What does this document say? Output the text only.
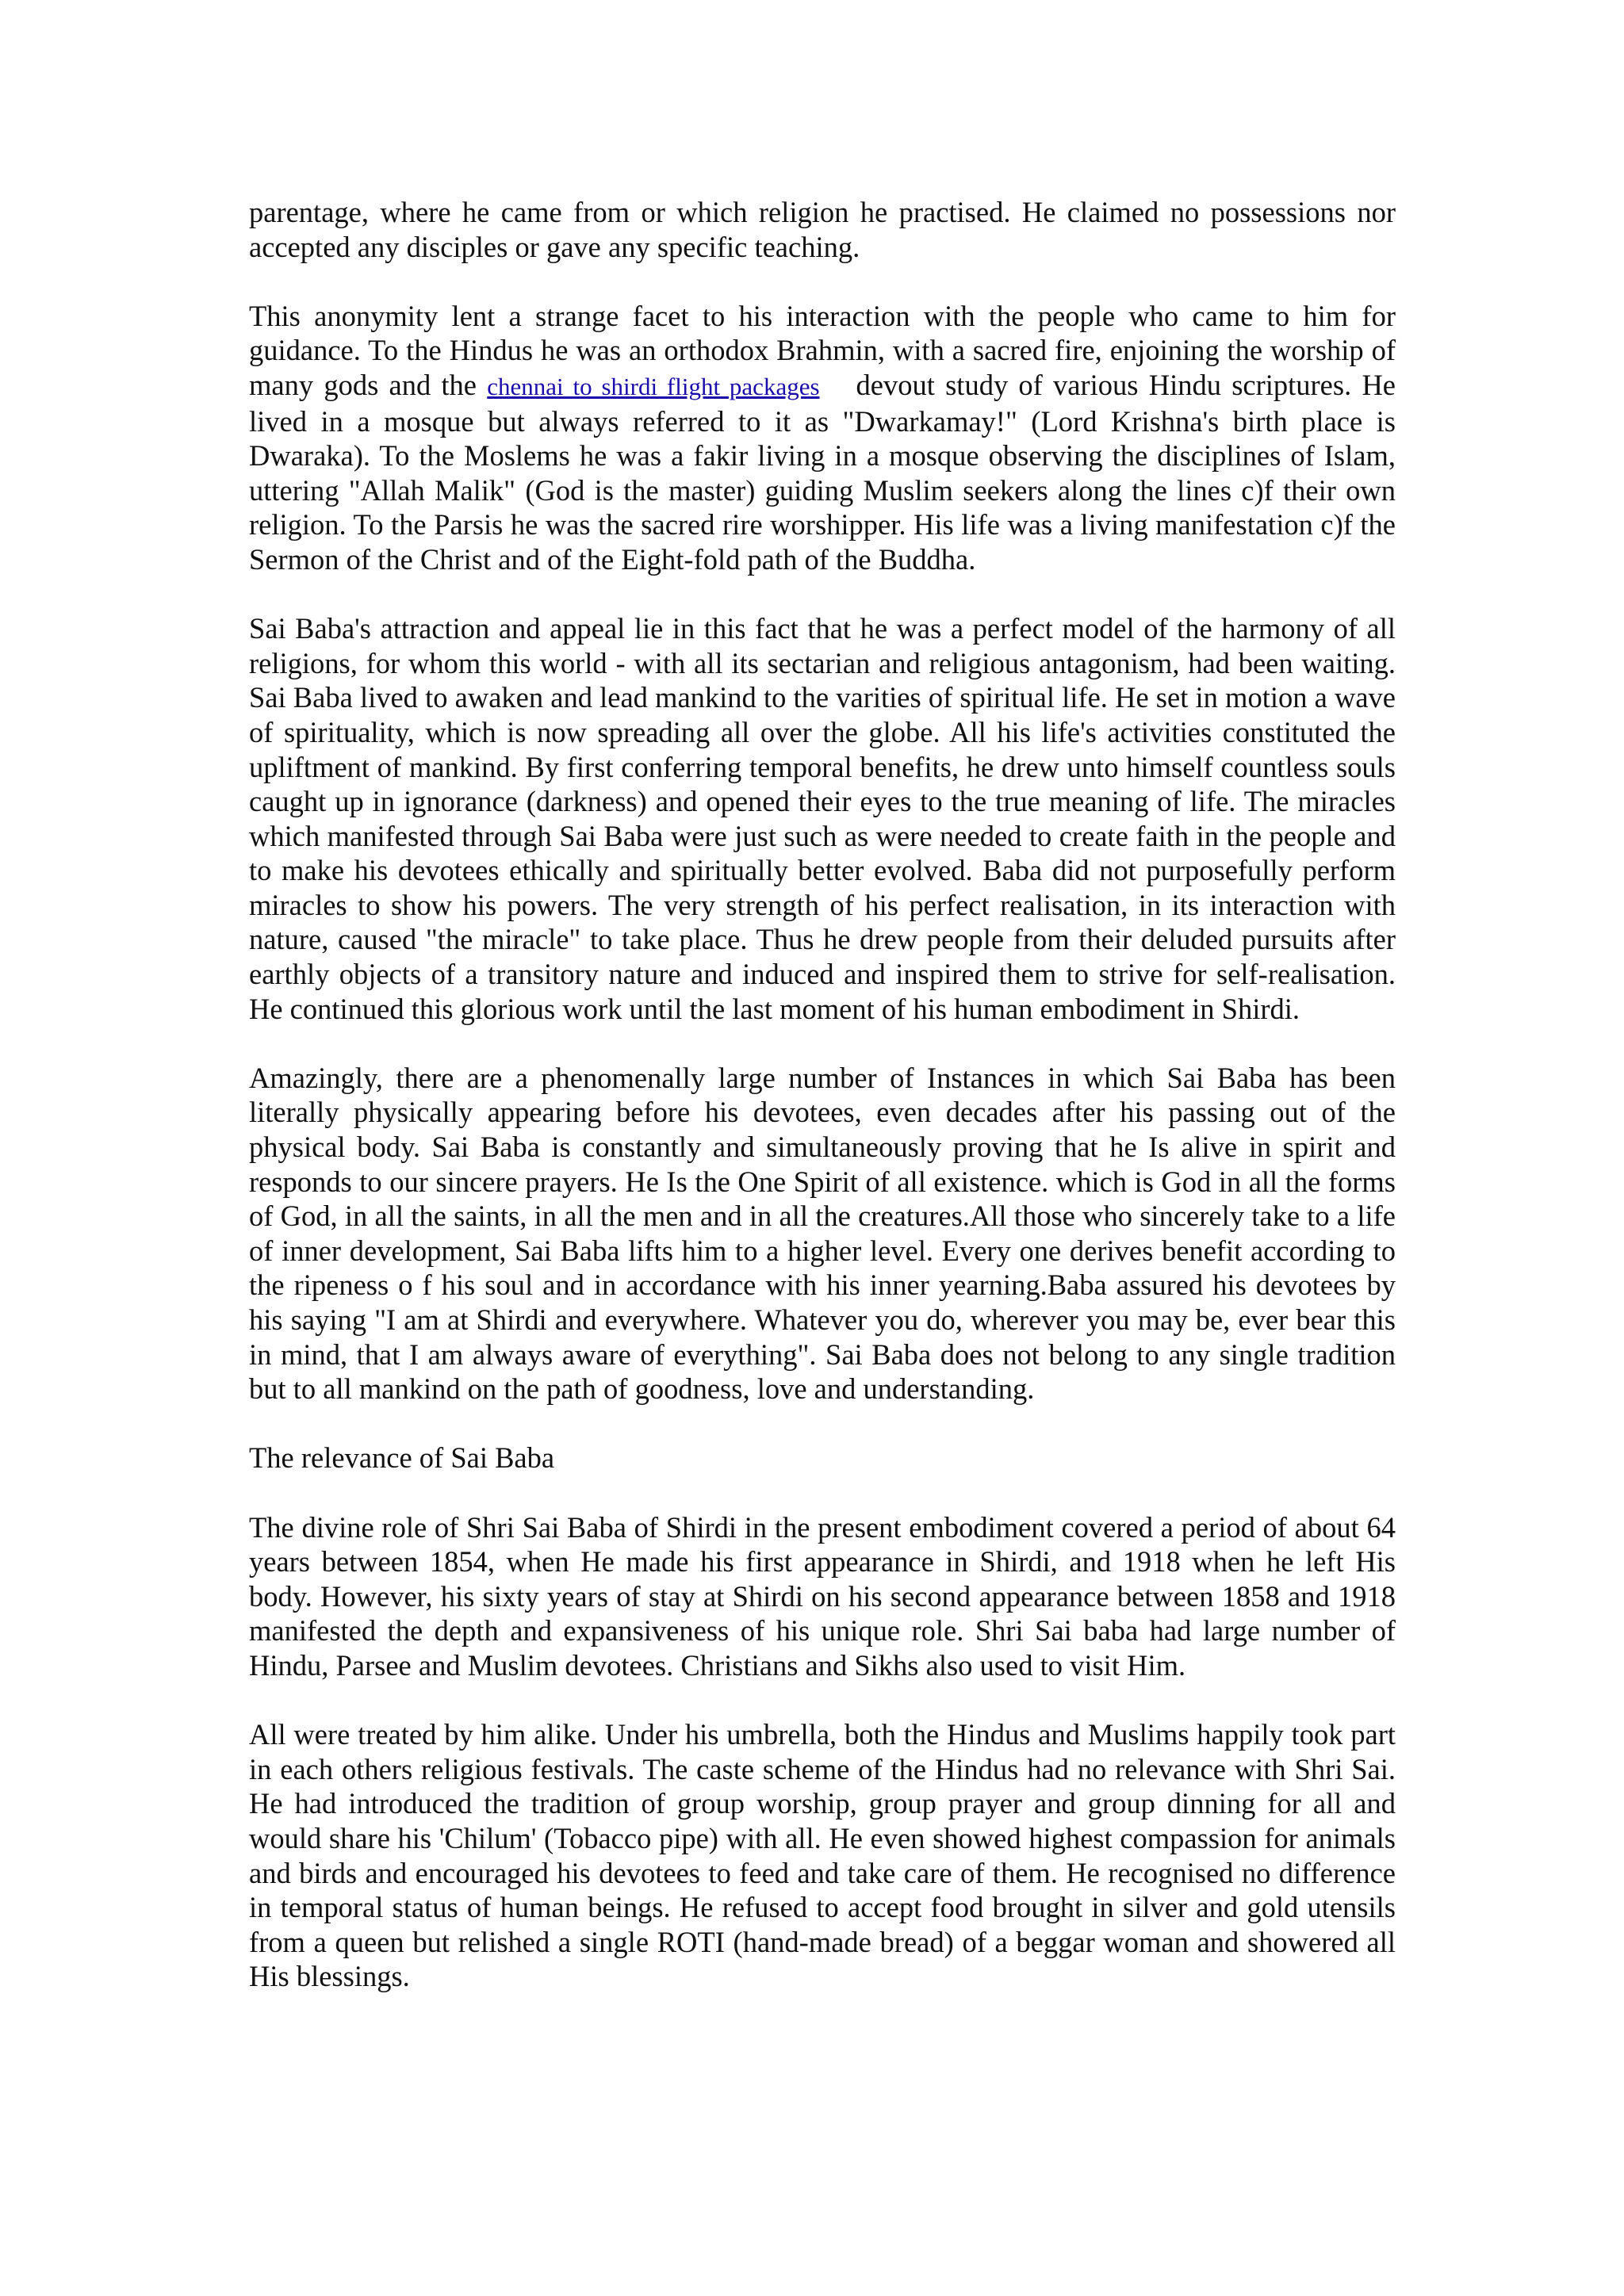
parentage, where he came from or which religion he practised. He claimed no possessions nor accepted any disciples or gave any specific teaching.

This anonymity lent a strange facet to his interaction with the people who came to him for guidance. To the Hindus he was an orthodox Brahmin, with a sacred fire, enjoining the worship of many gods and the chennai to shirdi flight packages devout study of various Hindu scriptures. He lived in a mosque but always referred to it as "Dwarkamay!" (Lord Krishna's birth place is Dwaraka). To the Moslems he was a fakir living in a mosque observing the disciplines of Islam, uttering "Allah Malik" (God is the master) guiding Muslim seekers along the lines c)f their own religion. To the Parsis he was the sacred rire worshipper. His life was a living manifestation c)f the Sermon of the Christ and of the Eight-fold path of the Buddha.

Sai Baba's attraction and appeal lie in this fact that he was a perfect model of the harmony of all religions, for whom this world - with all its sectarian and religious antagonism, had been waiting. Sai Baba lived to awaken and lead mankind to the varities of spiritual life. He set in motion a wave of spirituality, which is now spreading all over the globe. All his life's activities constituted the upliftment of mankind. By first conferring temporal benefits, he drew unto himself countless souls caught up in ignorance (darkness) and opened their eyes to the true meaning of life. The miracles which manifested through Sai Baba were just such as were needed to create faith in the people and to make his devotees ethically and spiritually better evolved. Baba did not purposefully perform miracles to show his powers. The very strength of his perfect realisation, in its interaction with nature, caused "the miracle" to take place. Thus he drew people from their deluded pursuits after earthly objects of a transitory nature and induced and inspired them to strive for self-realisation. He continued this glorious work until the last moment of his human embodiment in Shirdi.

Amazingly, there are a phenomenally large number of Instances in which Sai Baba has been literally physically appearing before his devotees, even decades after his passing out of the physical body. Sai Baba is constantly and simultaneously proving that he Is alive in spirit and responds to our sincere prayers. He Is the One Spirit of all existence. which is God in all the forms of God, in all the saints, in all the men and in all the creatures.All those who sincerely take to a life of inner development, Sai Baba lifts him to a higher level. Every one derives benefit according to the ripeness o f his soul and in accordance with his inner yearning.Baba assured his devotees by his saying "I am at Shirdi and everywhere. Whatever you do, wherever you may be, ever bear this in mind, that I am always aware of everything". Sai Baba does not belong to any single tradition but to all mankind on the path of goodness, love and understanding.

The relevance of Sai Baba

The divine role of Shri Sai Baba of Shirdi in the present embodiment covered a period of about 64 years between 1854, when He made his first appearance in Shirdi, and 1918 when he left His body. However, his sixty years of stay at Shirdi on his second appearance between 1858 and 1918 manifested the depth and expansiveness of his unique role. Shri Sai baba had large number of Hindu, Parsee and Muslim devotees. Christians and Sikhs also used to visit Him.

All were treated by him alike. Under his umbrella, both the Hindus and Muslims happily took part in each others religious festivals. The caste scheme of the Hindus had no relevance with Shri Sai. He had introduced the tradition of group worship, group prayer and group dinning for all and would share his 'Chilum' (Tobacco pipe) with all. He even showed highest compassion for animals and birds and encouraged his devotees to feed and take care of them. He recognised no difference in temporal status of human beings. He refused to accept food brought in silver and gold utensils from a queen but relished a single ROTI (hand-made bread) of a beggar woman and showered all His blessings.
